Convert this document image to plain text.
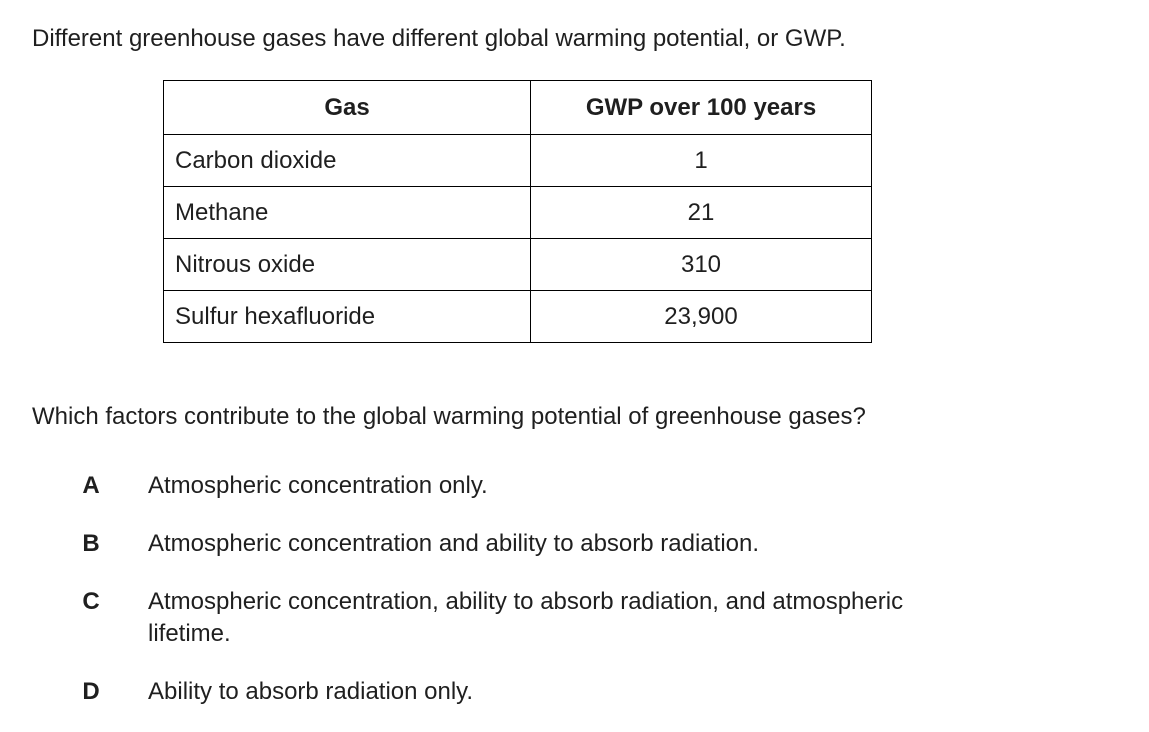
Different greenhouse gases have different global warming potential, or GWP.

Gas	GWP over 100 years
Carbon dioxide	1
Methane	21
Nitrous oxide	310
Sulfur hexafluoride	23,900

Which factors contribute to the global warming potential of greenhouse gases?

A Atmospheric concentration only.
B Atmospheric concentration and ability to absorb radiation.
C Atmospheric concentration, ability to absorb radiation, and atmospheric lifetime.
D Ability to absorb radiation only.
